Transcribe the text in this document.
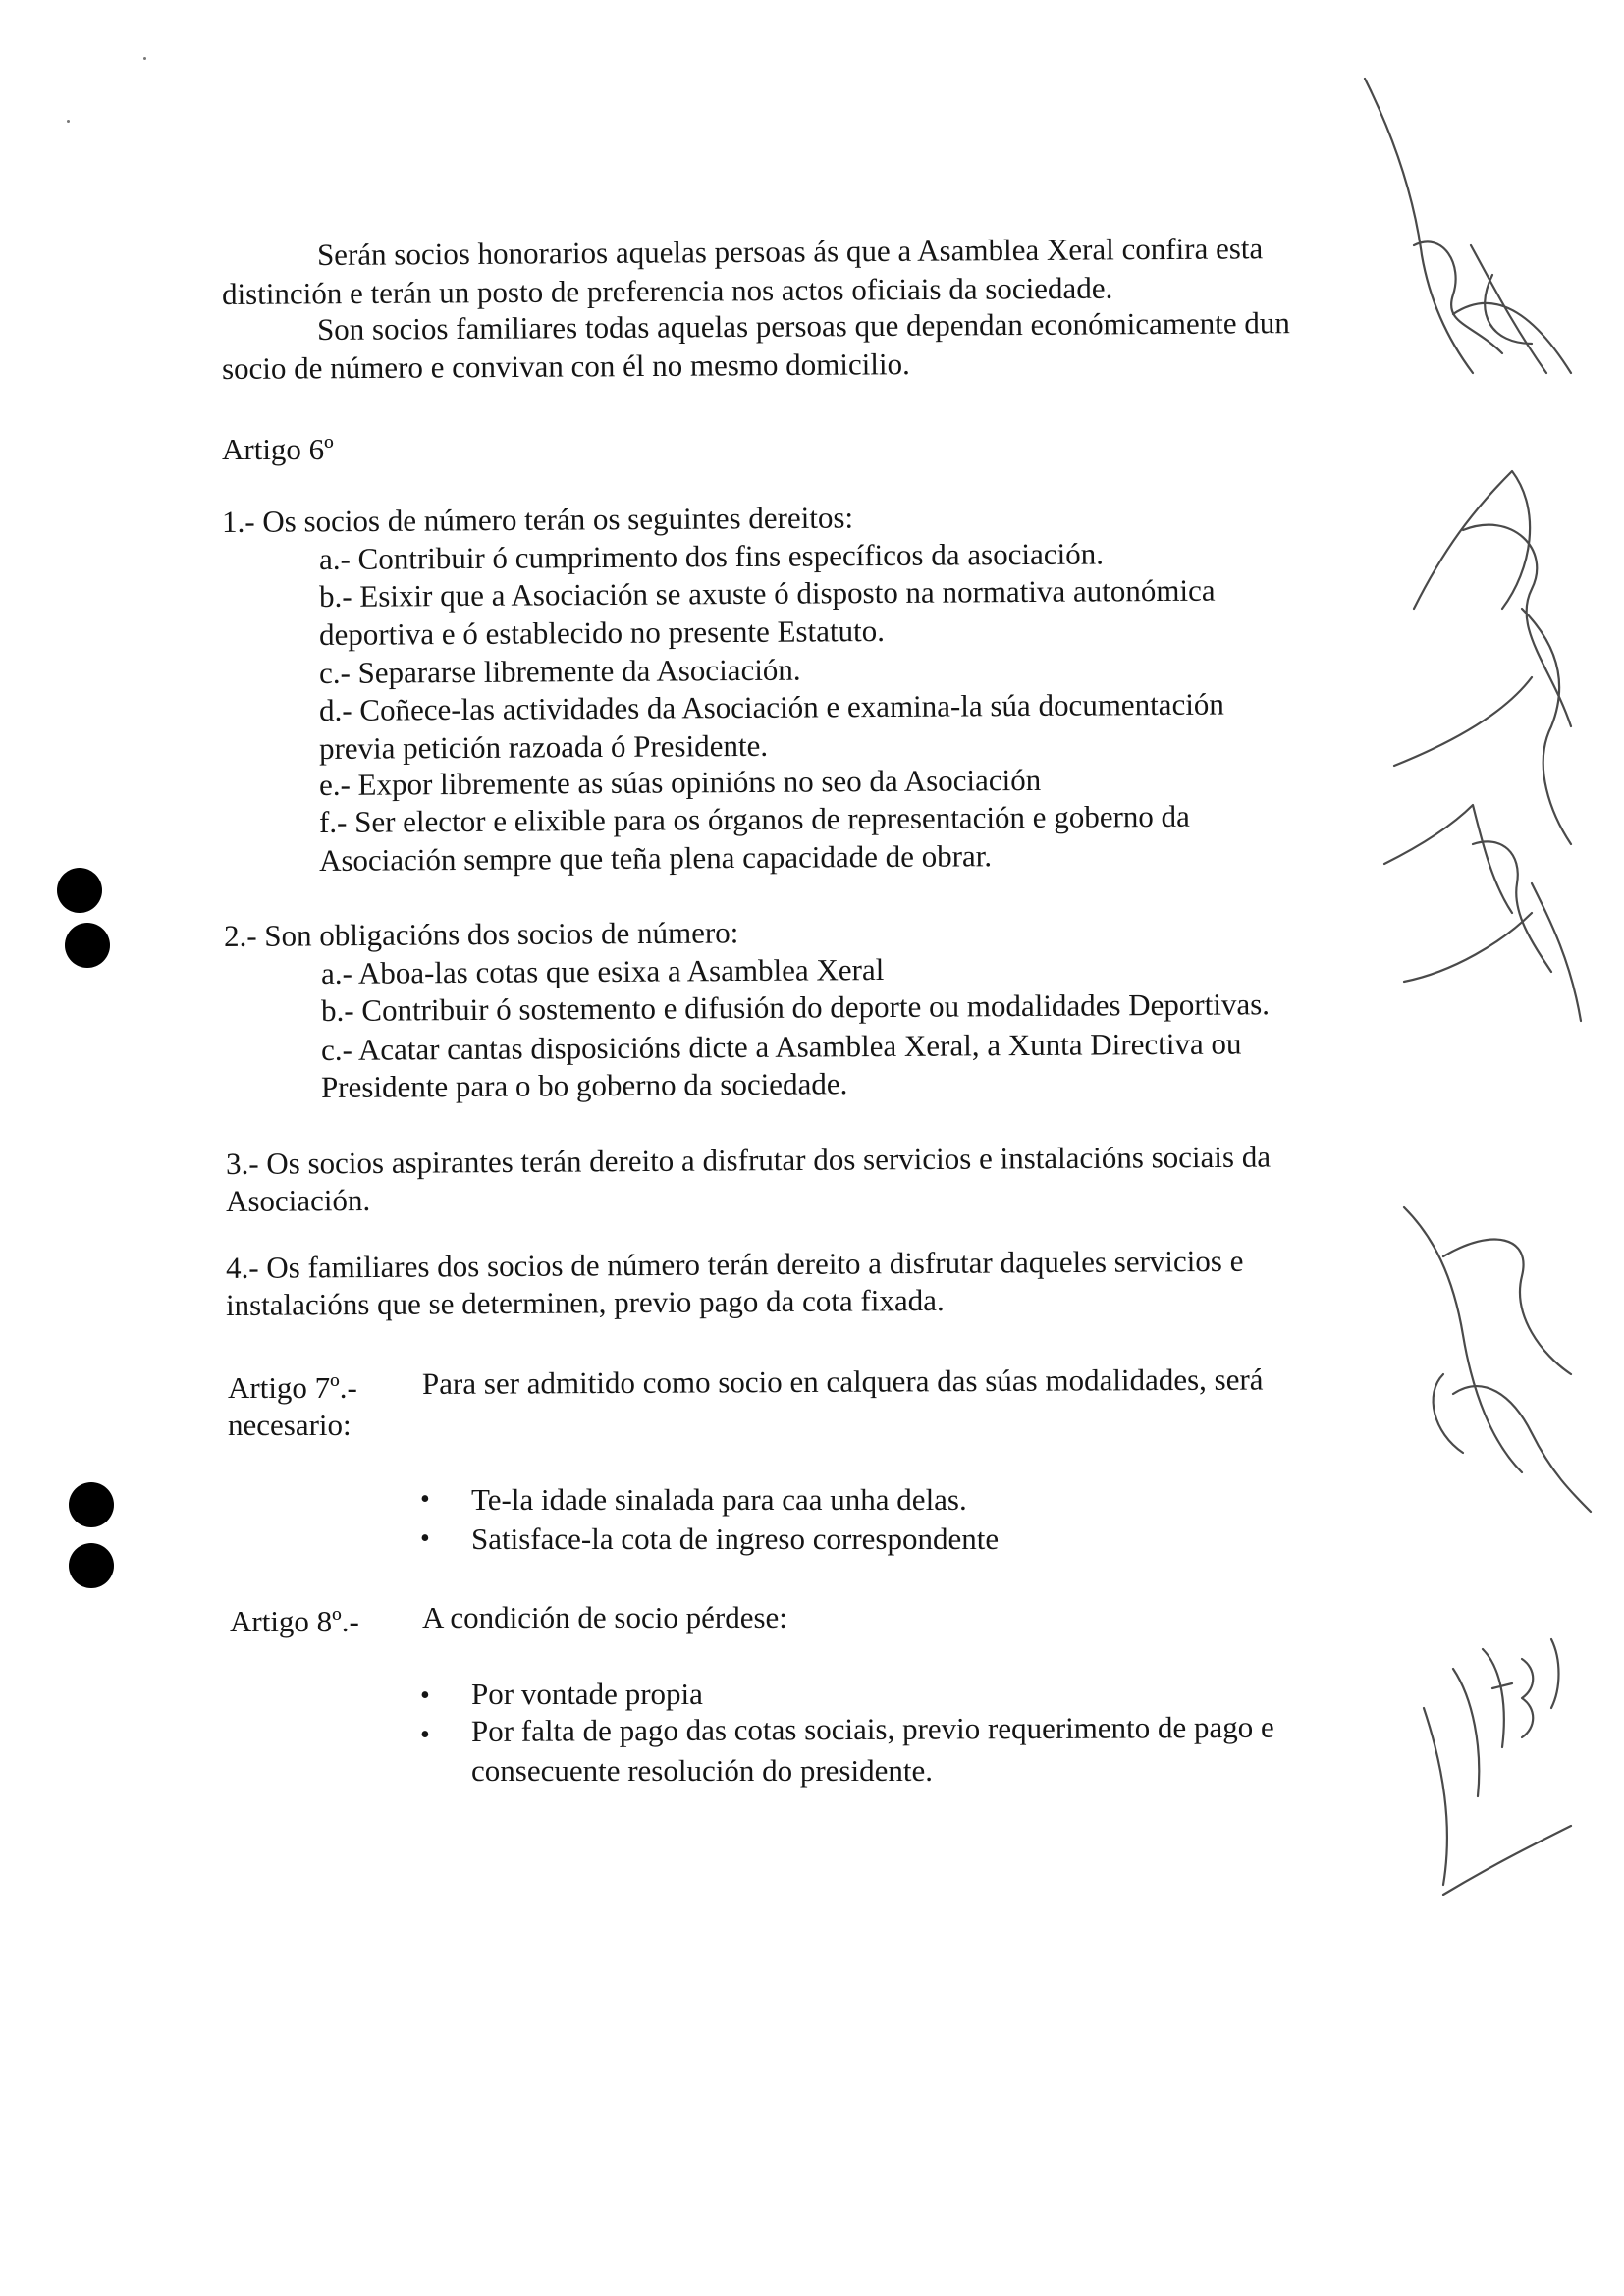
Serán socios honorarios aquelas persoas ás que a Asamblea Xeral confira esta
distinción e terán un posto de preferencia nos actos oficiais da sociedade.
Son socios familiares todas aquelas persoas que dependan económicamente dun
socio de número e convivan con él no mesmo domicilio.
Artigo 6º
1.- Os socios de número terán os seguintes dereitos:
a.- Contribuir ó cumprimento dos fins específicos da asociación.
b.- Esixir que a Asociación se axuste ó disposto na normativa autonómica
deportiva e ó establecido no presente Estatuto.
c.- Separarse libremente da Asociación.
d.- Coñece-las actividades da Asociación e examina-la súa documentación
previa petición razoada ó Presidente.
e.- Expor libremente as súas opinións no seo da Asociación
f.- Ser elector e elixible para os órganos de representación e goberno da
Asociación sempre que teña plena capacidade de obrar.
2.- Son obligacións dos socios de número:
a.- Aboa-las cotas que esixa a Asamblea Xeral
b.- Contribuir ó sostemento e difusión do deporte ou modalidades Deportivas.
c.- Acatar cantas disposicións dicte a Asamblea Xeral, a Xunta Directiva ou
Presidente para o bo goberno da sociedade.
3.- Os socios aspirantes terán dereito a disfrutar dos servicios e instalacións sociais da
Asociación.
4.- Os familiares dos socios de número terán dereito a disfrutar daqueles servicios e
instalacións que se determinen, previo pago da cota fixada.
Artigo 7º.-
necesario:
Para ser admitido como socio en calquera das súas modalidades, será
• Te-la idade sinalada para caa unha delas.
• Satisface-la cota de ingreso correspondente
Artigo 8º.- A condición de socio pérdese:
• Por vontade propia
• Por falta de pago das cotas sociais, previo requerimento de pago e
consecuente resolución do presidente.
